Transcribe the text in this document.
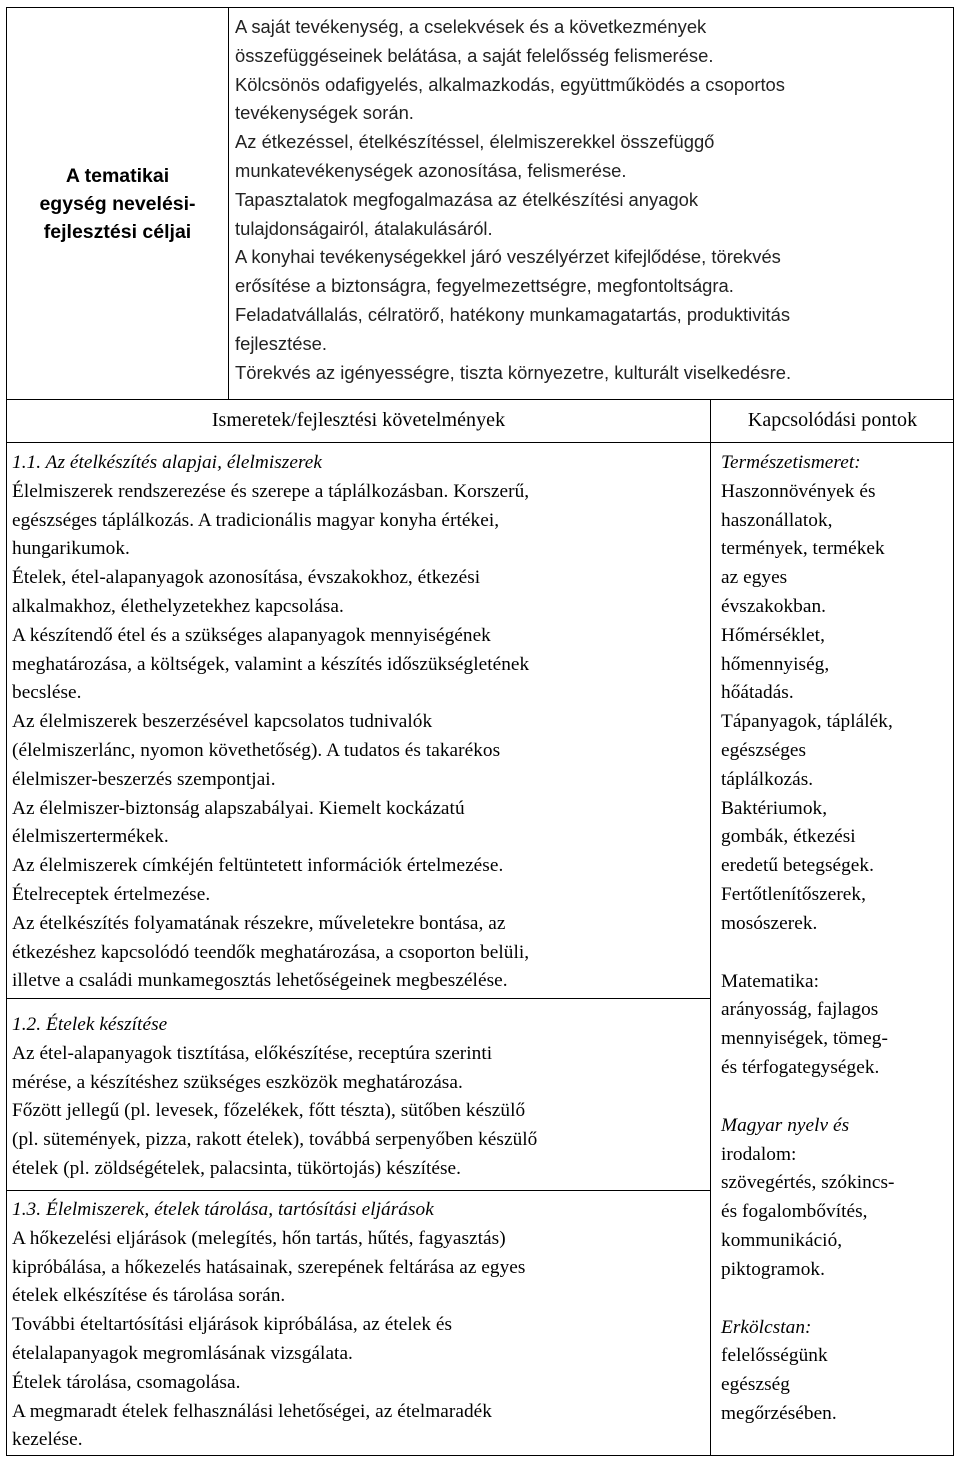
A tematikai
egység nevelési-
fejlesztési céljai

A saját tevékenység, a cselekvések és a következmények

összefüggéseinek belátása, a saját felelősség felismerése.

Kölcsönös odafigyelés, alkalmazkodás, együttműködés a csoportos

tevékenységek során.

Az étkezéssel, ételkészítéssel, élelmiszerekkel összefüggő

munkatevékenységek azonosítása, felismerése.

Tapasztalatok megfogalmazása az ételkészítési anyagok

tulajdonságairól, átalakulásáról.

A konyhai tevékenységekkel járó veszélyérzet kifejlődése, törekvés

erősítése a biztonságra, fegyelmezettségre, megfontoltságra.

Feladatvállalás, célratörő, hatékony munkamagatartás, produktivitás

fejlesztése.

Törekvés az igényességre, tiszta környezetre, kulturált viselkedésre.

Ismeretek/fejlesztési követelmények	Kapcsolódási pontok

1.1. Az ételkészítés alapjai, élelmiszerek

Élelmiszerek rendszerezése és szerepe a táplálkozásban. Korszerű,

egészséges táplálkozás. A tradicionális magyar konyha értékei,

hungarikumok.

Ételek, étel-alapanyagok azonosítása, évszakokhoz, étkezési

alkalmakhoz, élethelyzetekhez kapcsolása.

A készítendő étel és a szükséges alapanyagok mennyiségének

meghatározása, a költségek, valamint a készítés időszükségletének

becslése.

Az élelmiszerek beszerzésével kapcsolatos tudnivalók

(élelmiszerlánc, nyomon követhetőség). A tudatos és takarékos

élelmiszer-beszerzés szempontjai.

Az élelmiszer-biztonság alapszabályai. Kiemelt kockázatú

élelmiszertermékek.

Az élelmiszerek címkéjén feltüntetett információk értelmezése.

Ételreceptek értelmezése.

Az ételkészítés folyamatának részekre, műveletekre bontása, az

étkezéshez kapcsolódó teendők meghatározása, a csoporton belüli,

illetve a családi munkamegosztás lehetőségeinek megbeszélése.

1.2. Ételek készítése

Az étel-alapanyagok tisztítása, előkészítése, receptúra szerinti

mérése, a készítéshez szükséges eszközök meghatározása.

Főzött jellegű (pl. levesek, főzelékek, főtt tészta), sütőben készülő

(pl. sütemények, pizza, rakott ételek), továbbá serpenyőben készülő

ételek (pl. zöldségételek, palacsinta, tükörtojás) készítése.

1.3. Élelmiszerek, ételek tárolása, tartósítási eljárások

A hőkezelési eljárások (melegítés, hőn tartás, hűtés, fagyasztás)

kipróbálása, a hőkezelés hatásainak, szerepének feltárása az egyes

ételek elkészítése és tárolása során.

További ételtartósítási eljárások kipróbálása, az ételek és

ételalapanyagok megromlásának vizsgálata.

Ételek tárolása, csomagolása.

A megmaradt ételek felhasználási lehetőségei, az ételmaradék

kezelése.

Természetismeret:

Haszonnövények és

haszonállatok,

termények, termékek

az egyes

évszakokban.

Hőmérséklet,

hőmennyiség,

hőátadás.

Tápanyagok, táplálék,

egészséges

táplálkozás.

Baktériumok,

gombák, étkezési

eredetű betegségek.

Fertőtlenítőszerek,

mosószerek.

Matematika:

arányosság, fajlagos

mennyiségek, tömeg-

és térfogategységek.

Magyar nyelv és

irodalom:

szövegértés, szókincs-

és fogalombővítés,

kommunikáció,

piktogramok.

Erkölcstan:

felelősségünk

egészség

megőrzésében.
